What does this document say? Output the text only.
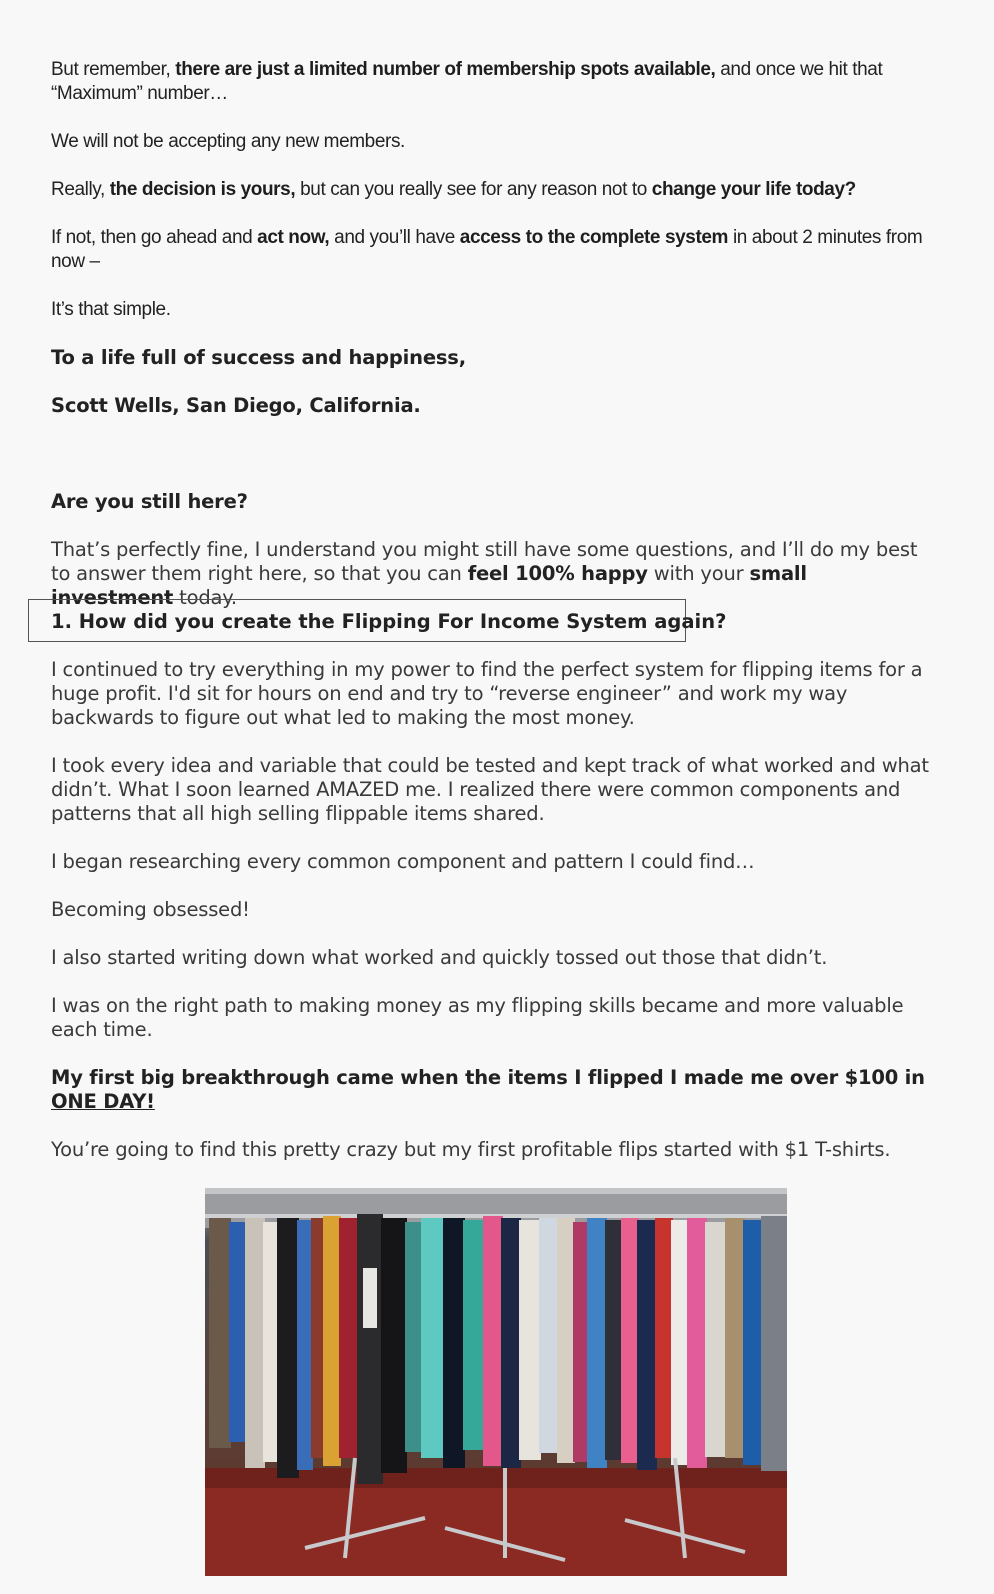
But remember, there are just a limited number of membership spots available, and once we hit that “Maximum” number…

We will not be accepting any new members.

Really, the decision is yours, but can you really see for any reason not to change your life today?

If not, then go ahead and act now, and you’ll have access to the complete system in about 2 minutes from now –

It’s that simple.

To a life full of success and happiness,

Scott Wells, San Diego, California.

Are you still here?

That’s perfectly fine, I understand you might still have some questions, and I’ll do my best to answer them right here, so that you can feel 100% happy with your small investment today.

1. How did you create the Flipping For Income System again?

I continued to try everything in my power to find the perfect system for flipping items for a huge profit. I'd sit for hours on end and try to “reverse engineer” and work my way backwards to figure out what led to making the most money.

I took every idea and variable that could be tested and kept track of what worked and what didn’t. What I soon learned AMAZED me. I realized there were common components and patterns that all high selling flippable items shared.

I began researching every common component and pattern I could find…

Becoming obsessed!

I also started writing down what worked and quickly tossed out those that didn’t.

I was on the right path to making money as my flipping skills became and more valuable each time.

My first big breakthrough came when the items I flipped I made me over $100 in ONE DAY!

You’re going to find this pretty crazy but my first profitable flips started with $1 T-shirts.
